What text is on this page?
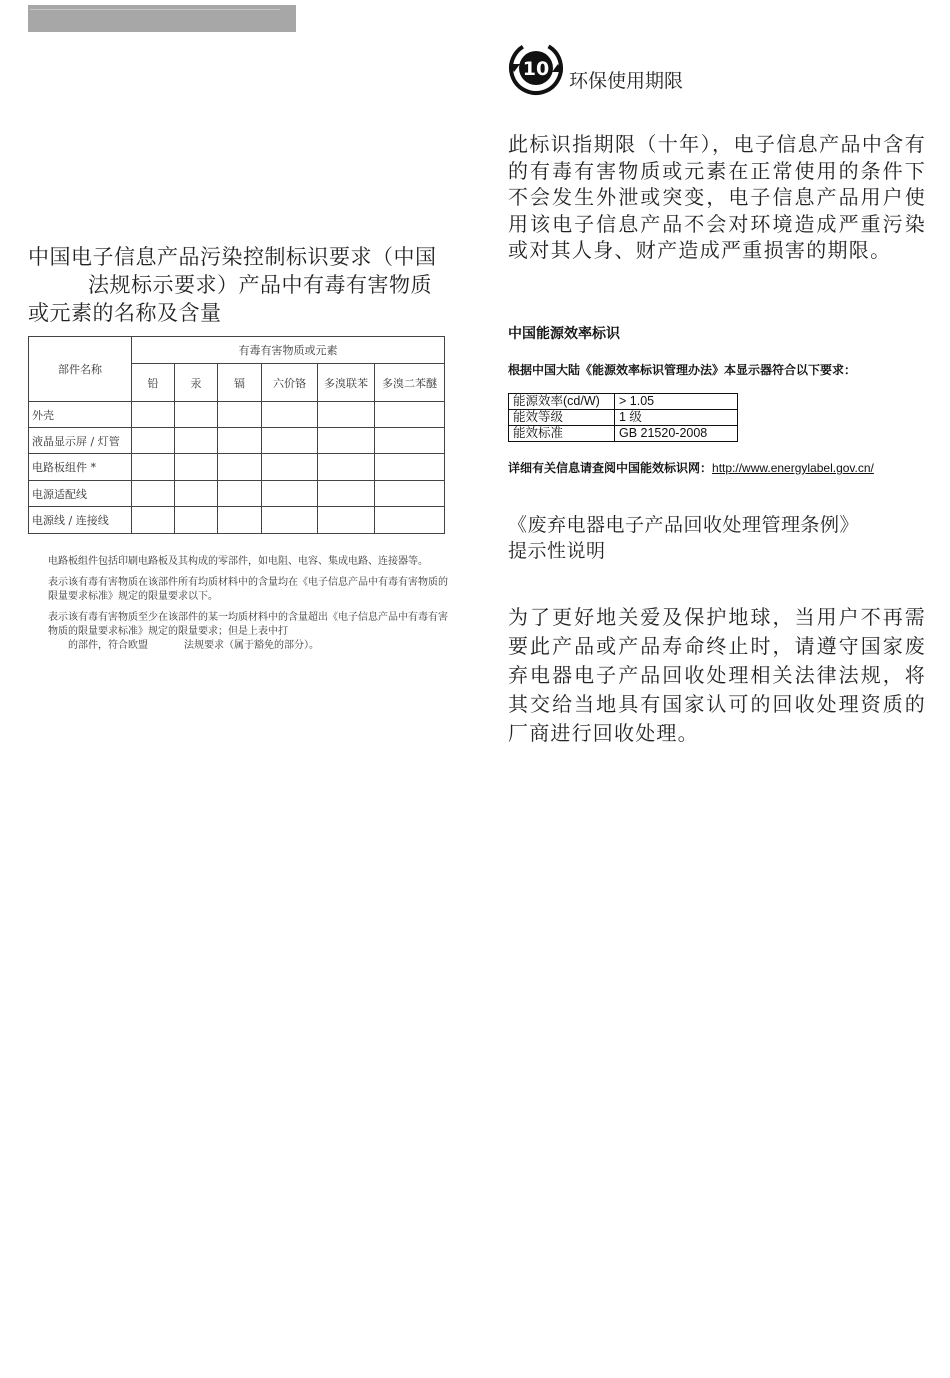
中国电子信息产品污染控制标识要求（中国法规标示要求）产品中有毒有害物质或元素的名称及含量
部件名称	有毒有害物质或元素					
	铅	汞	镉	六价铬	多溴联苯	多溴二苯醚
外壳						
液晶显示屏 / 灯管						
电路板组件 *						
电源适配线						
电源线 / 连接线						

电路板组件包括印刷电路板及其构成的零部件，如电阻、电容、集成电路、连接器等。

表示该有毒有害物质在该部件所有均质材料中的含量均在《电子信息产品中有毒有害物质的限量要求标准》规定的限量要求以下。

表示该有毒有害物质至少在该部件的某一均质材料中的含量超出《电子信息产品中有毒有害物质的限量要求标准》规定的限量要求；但是上表中打
的部件，符合欧盟	法规要求（属于豁免的部分）。

10
环保使用期限
此标识指期限（十年），电子信息产品中含有的有毒有害物质或元素在正常使用的条件下不会发生外泄或突变，电子信息产品用户使用该电子信息产品不会对环境造成严重污染或对其人身、财产造成严重损害的期限。
中国能源效率标识
根据中国大陆《能源效率标识管理办法》本显示器符合以下要求：
能源效率(cd/W)	> 1.05
能效等级	1 级
能效标准	GB 21520-2008
详细有关信息请查阅中国能效标识网：http://www.energylabel.gov.cn/
《废弃电器电子产品回收处理管理条例》
提示性说明
为了更好地关爱及保护地球，当用户不再需要此产品或产品寿命终止时，请遵守国家废弃电器电子产品回收处理相关法律法规，将其交给当地具有国家认可的回收处理资质的厂商进行回收处理。
